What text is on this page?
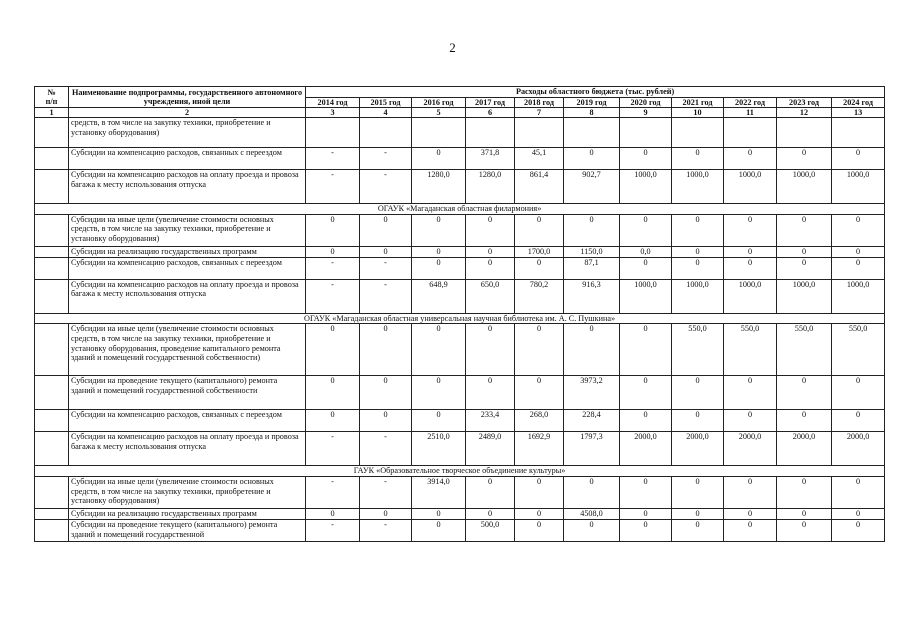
2
№
п/п	Наименование подпрограммы, государственного автономного учреждения, иной цели	Расходы областного бюджета (тыс. рублей)										
		2014 год	2015 год	2016 год	2017 год	2018 год	2019 год	2020 год	2021 год	2022 год	2023 год	2024 год
1	2	3	4	5	6	7	8	9	10	11	12	13
	средств, в том числе на закупку техники, приобретение и установку оборудования)											
	Субсидии на компенсацию расходов, связанных с переездом	-	-	0	371,8	45,1	0	0	0	0	0	0
	Субсидии на компенсацию расходов на оплату проезда и провоза багажа к месту использования отпуска	-	-	1280,0	1280,0	861,4	902,7	1000,0	1000,0	1000,0	1000,0	1000,0
ОГАУК «Магаданская областная филармония»												
	Субсидии на иные цели (увеличение стоимости основных средств, в том числе на закупку техники, приобретение и установку оборудования)	0	0	0	0	0	0	0	0	0	0	0
	Субсидии на реализацию государственных программ	0	0	0	0	1700,0	1150,0	0,0	0	0	0	0
	Субсидии на компенсацию расходов, связанных с переездом	-	-	0	0	0	87,1	0	0	0	0	0
	Субсидии на компенсацию расходов на оплату проезда и провоза багажа к месту использования отпуска	-	-	648,9	650,0	780,2	916,3	1000,0	1000,0	1000,0	1000,0	1000,0
ОГАУК «Магаданская областная универсальная научная библиотека им. А. С. Пушкина»												
	Субсидии на иные цели (увеличение стоимости основных средств, в том числе на закупку техники, приобретение и установку оборудования, проведение капитального ремонта зданий и помещений государственной собственности)	0	0	0	0	0	0	0	550,0	550,0	550,0	550,0
	Субсидии на проведение текущего (капитального) ремонта зданий и помещений государственной собственности	0	0	0	0	0	3973,2	0	0	0	0	0
	Субсидии на компенсацию расходов, связанных с переездом	0	0	0	233,4	268,0	228,4	0	0	0	0	0
	Субсидии на компенсацию расходов на оплату проезда и провоза багажа к месту использования отпуска	-	-	2510,0	2489,0	1692,9	1797,3	2000,0	2000,0	2000,0	2000,0	2000,0
ГАУК «Образовательное творческое объединение культуры»												
	Субсидии на иные цели (увеличение стоимости основных средств, в том числе на закупку техники, приобретение и установку оборудования)	-	-	3914,0	0	0	0	0	0	0	0	0
	Субсидии на реализацию государственных программ	0	0	0	0	0	4508,0	0	0	0	0	0
	Субсидии на проведение текущего (капитального) ремонта зданий и помещений государственной	-	-	0	500,0	0	0	0	0	0	0	0
